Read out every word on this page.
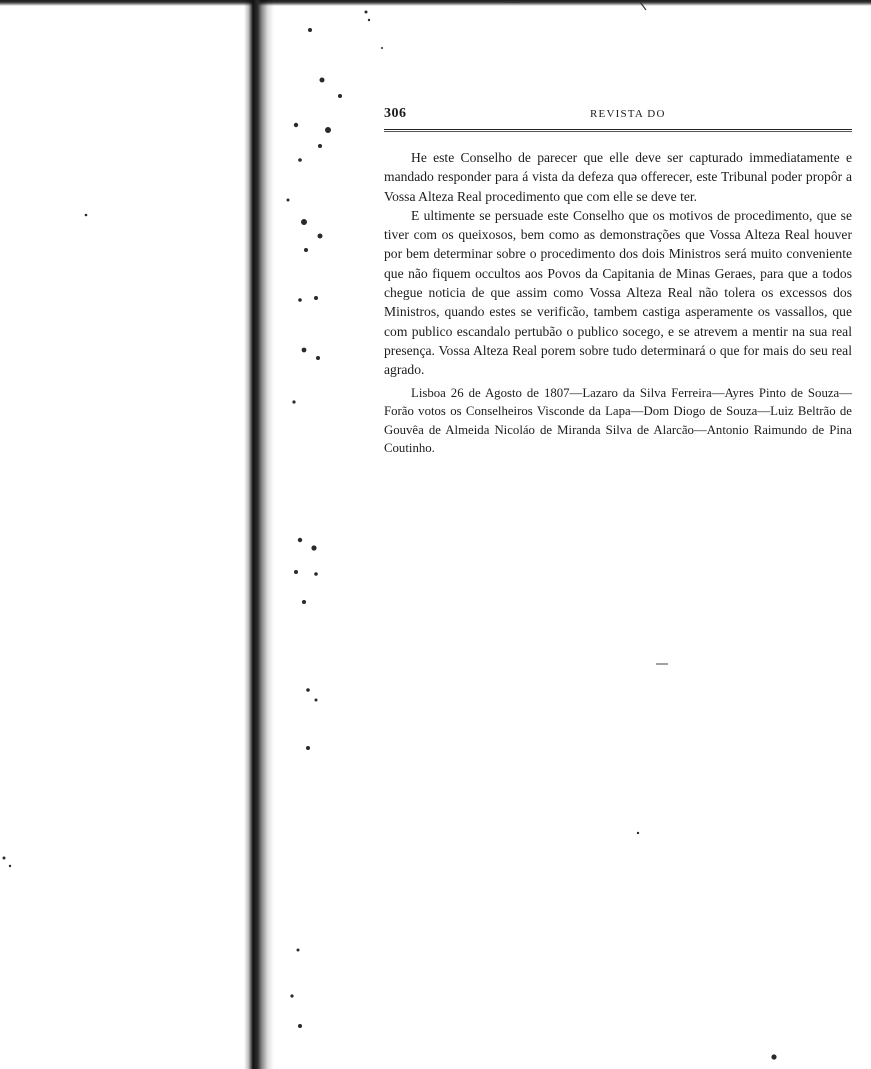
306	REVISTA DO

He este Conselho de parecer que elle deve ser capturado immediatamente e mandado responder para á vista da defeza quə offerecer, este Tribunal poder propôr a Vossa Alteza Real procedimento que com elle se deve ter.

E ultimente se persuade este Conselho que os motivos de procedimento, que se tiver com os queixosos, bem como as demonstrações que Vossa Alteza Real houver por bem determinar sobre o procedimento dos dois Ministros será muito conveniente que não fiquem occultos aos Povos da Capitania de Minas Geraes, para que a todos chegue noticia de que assim como Vossa Alteza Real não tolera os excessos dos Ministros, quando estes se verificão, tambem castiga asperamente os vassallos, que com publico escandalo pertubão o publico socego, e se atrevem a mentir na sua real presença. Vossa Alteza Real porem sobre tudo determinará o que for mais do seu real agrado.

Lisboa 26 de Agosto de 1807—Lazaro da Silva Ferreira—Ayres Pinto de Souza—Forão votos os Conselheiros Visconde da Lapa—Dom Diogo de Souza—Luiz Beltrão de Gouvêa de Almeida Nicoláo de Miranda Silva de Alarcão—Antonio Raimundo de Pina Coutinho.
